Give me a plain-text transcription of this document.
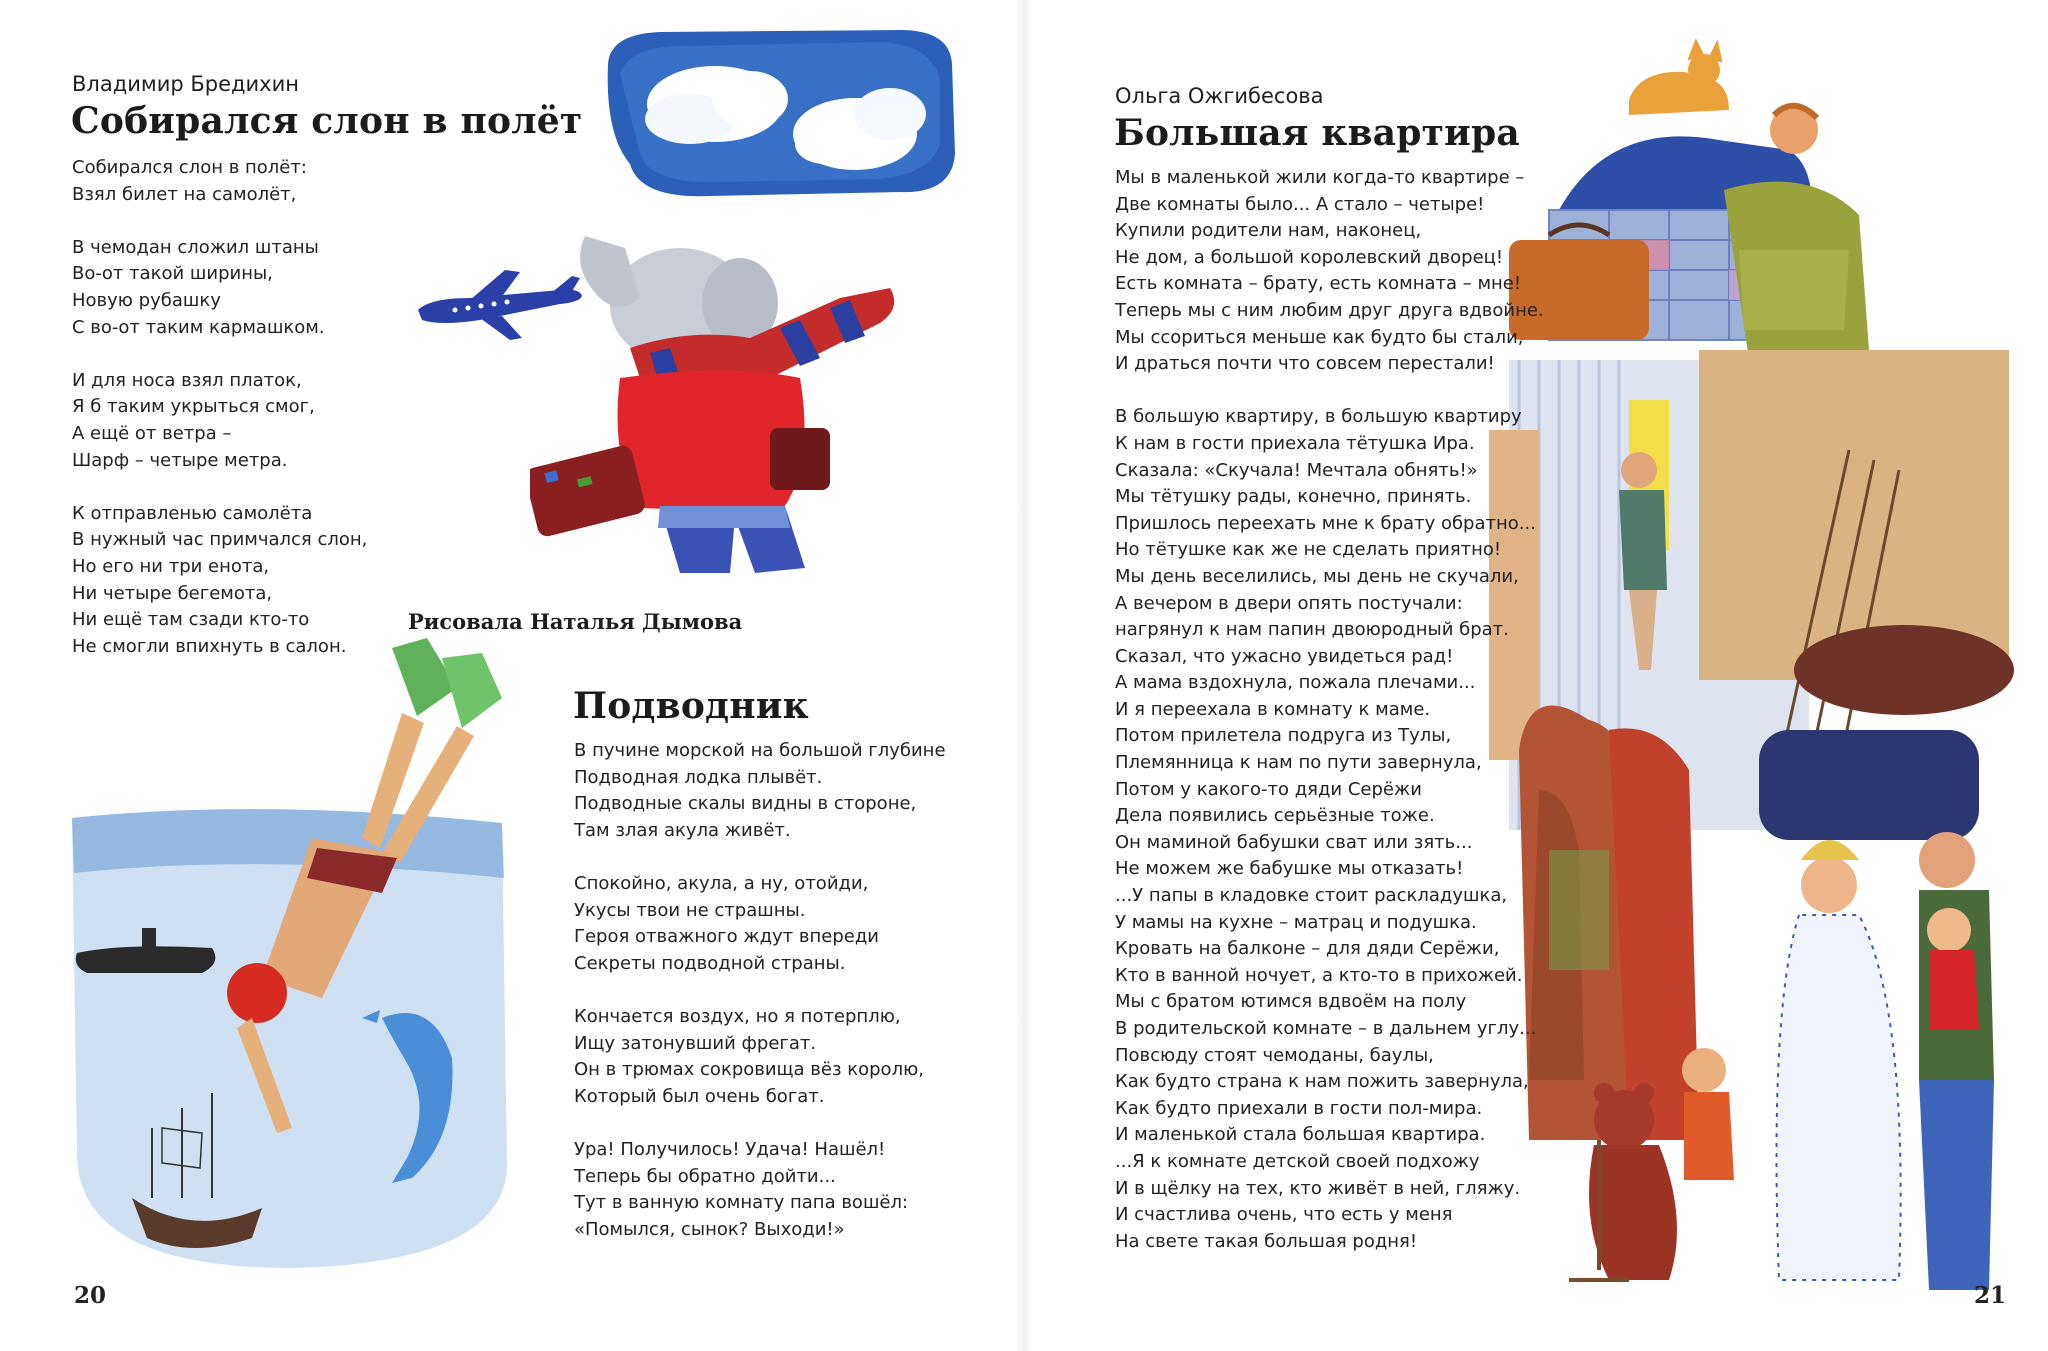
Владимир Бредихин
Собирался слон в полёт
Собирался слон в полёт:
Взял билет на самолёт,
В чемодан сложил штаны
Во-от такой ширины,
Новую рубашку
С во-от таким кармашком.
И для носа взял платок,
Я б таким укрыться смог,
А ещё от ветра –
Шарф – четыре метра.
К отправленью самолёта
В нужный час примчался слон,
Но его ни три енота,
Ни четыре бегемота,
Ни ещё там сзади кто-то
Не смогли впихнуть в салон.
Рисовала Наталья Дымова
Подводник
В пучине морской на большой глубине
Подводная лодка плывёт.
Подводные скалы видны в стороне,
Там злая акула живёт.
Спокойно, акула, а ну, отойди,
Укусы твои не страшны.
Героя отважного ждут впереди
Секреты подводной страны.
Кончается воздух, но я потерплю,
Ищу затонувший фрегат.
Он в трюмах сокровища вёз королю,
Который был очень богат.
Ура! Получилось! Удача! Нашёл!
Теперь бы обратно дойти...
Тут в ванную комнату папа вошёл:
«Помылся, сынок? Выходи!»
20
Ольга Ожгибесова
Большая квартира
Мы в маленькой жили когда-то квартире –
Две комнаты было... А стало – четыре!
Купили родители нам, наконец,
Не дом, а большой королевский дворец!
Есть комната – брату, есть комната – мне!
Теперь мы с ним любим друг друга вдвойне.
Мы ссориться меньше как будто бы стали,
И драться почти что совсем перестали!
В большую квартиру, в большую квартиру
К нам в гости приехала тётушка Ира.
Сказала: «Скучала! Мечтала обнять!»
Мы тётушку рады, конечно, принять.
Пришлось переехать мне к брату обратно...
Но тётушке как же не сделать приятно!
Мы день веселились, мы день не скучали,
А вечером в двери опять постучали:
нагрянул к нам папин двоюродный брат.
Сказал, что ужасно увидеться рад!
А мама вздохнула, пожала плечами...
И я переехала в комнату к маме.
Потом прилетела подруга из Тулы,
Племянница к нам по пути завернула,
Потом у какого-то дяди Серёжи
Дела появились серьёзные тоже.
Он маминой бабушки сват или зять...
Не можем же бабушке мы отказать!
...У папы в кладовке стоит раскладушка,
У мамы на кухне – матрац и подушка.
Кровать на балконе – для дяди Серёжи,
Кто в ванной ночует, а кто-то в прихожей.
Мы с братом ютимся вдвоём на полу
В родительской комнате – в дальнем углу...
Повсюду стоят чемоданы, баулы,
Как будто страна к нам пожить завернула,
Как будто приехали в гости пол-мира.
И маленькой стала большая квартира.
...Я к комнате детской своей подхожу
И в щёлку на тех, кто живёт в ней, гляжу.
И счастлива очень, что есть у меня
На свете такая большая родня!
21
